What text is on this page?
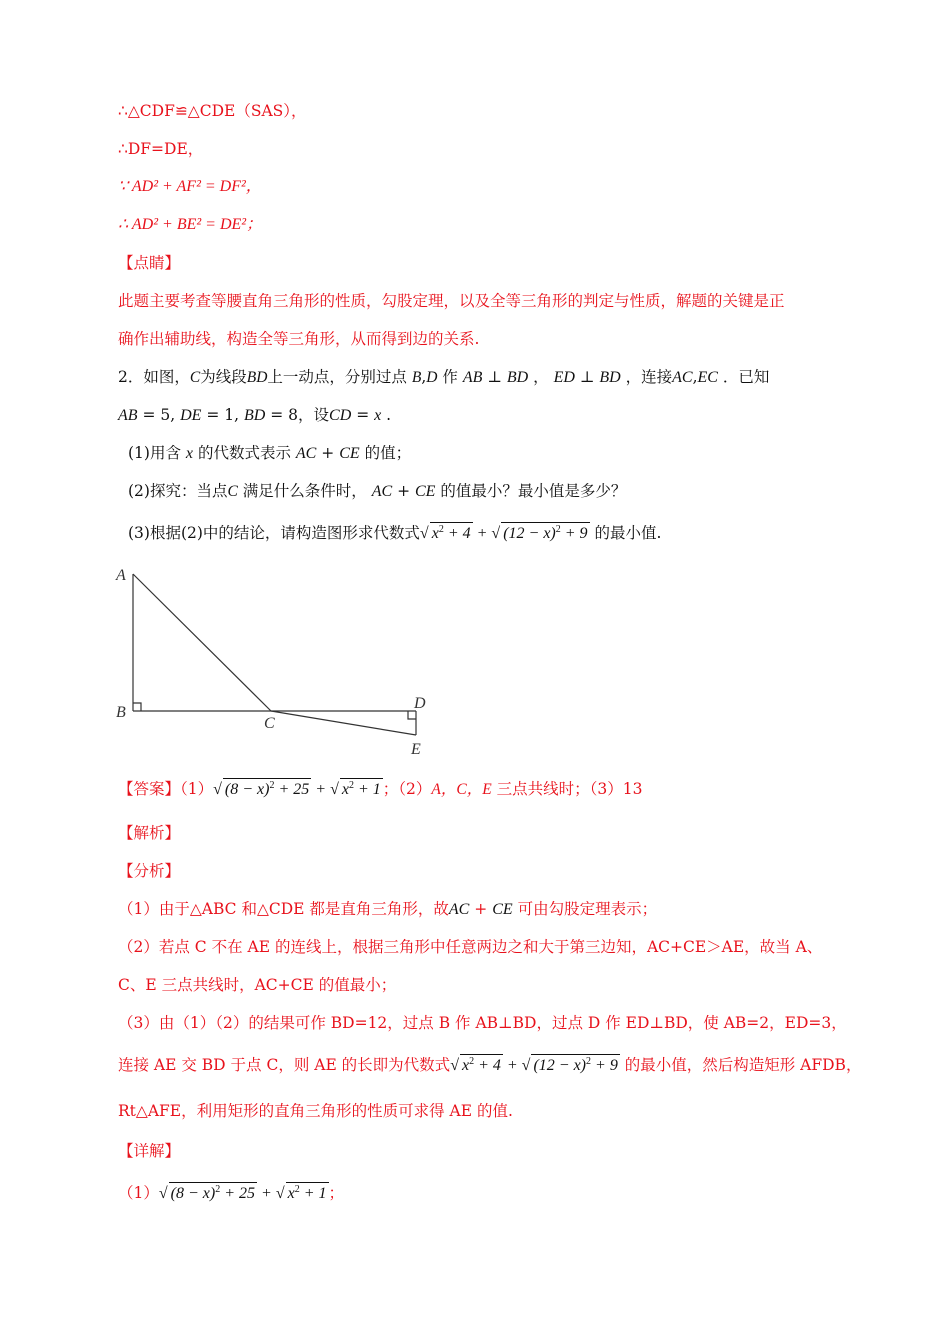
∴△CDF≌△CDE（SAS），
∴DF=DE，
∵ AD² + AF² = DF²，
∴ AD² + BE² = DE²；
【点睛】
此题主要考查等腰直角三角形的性质，勾股定理，以及全等三角形的判定与性质，解题的关键是正
确作出辅助线，构造全等三角形，从而得到边的关系.
2．如图，C为线段BD上一动点，分别过点 B,D 作 AB ⊥ BD ， ED ⊥ BD ，连接AC,EC ．已知
AB = 5, DE = 1, BD = 8，设CD = x .
(1)用含 x 的代数式表示 AC + CE 的值；
(2)探究：当点C 满足什么条件时， AC + CE 的值最小？最小值是多少？
(3)根据(2)中的结论，请构造图形求代数式√ $x^2 + 4$ + √ $(12 - x)^2 + 9$ 的最小值.
A
B
C
D
E
【答案】（1）√ $(8 - x)^2 + 25$ + √ $x^2 + 1$ ；（2）A，C，E 三点共线时；（3）13
【解析】
【分析】
（1）由于△ABC 和△CDE 都是直角三角形，故AC + CE 可由勾股定理表示；
（2）若点 C 不在 AE 的连线上，根据三角形中任意两边之和大于第三边知，AC+CE＞AE，故当 A、
C、E 三点共线时，AC+CE 的值最小；
（3）由（1）（2）的结果可作 BD=12，过点 B 作 AB⊥BD，过点 D 作 ED⊥BD，使 AB=2，ED=3，
连接 AE 交 BD 于点 C，则 AE 的长即为代数式√ $x^2 + 4$ + √ $(12 - x)^2 + 9$ 的最小值，然后构造矩形 AFDB，
Rt△AFE，利用矩形的直角三角形的性质可求得 AE 的值.
【详解】
（1）√ $(8 - x)^2 + 25$ + √ $x^2 + 1$ ；
